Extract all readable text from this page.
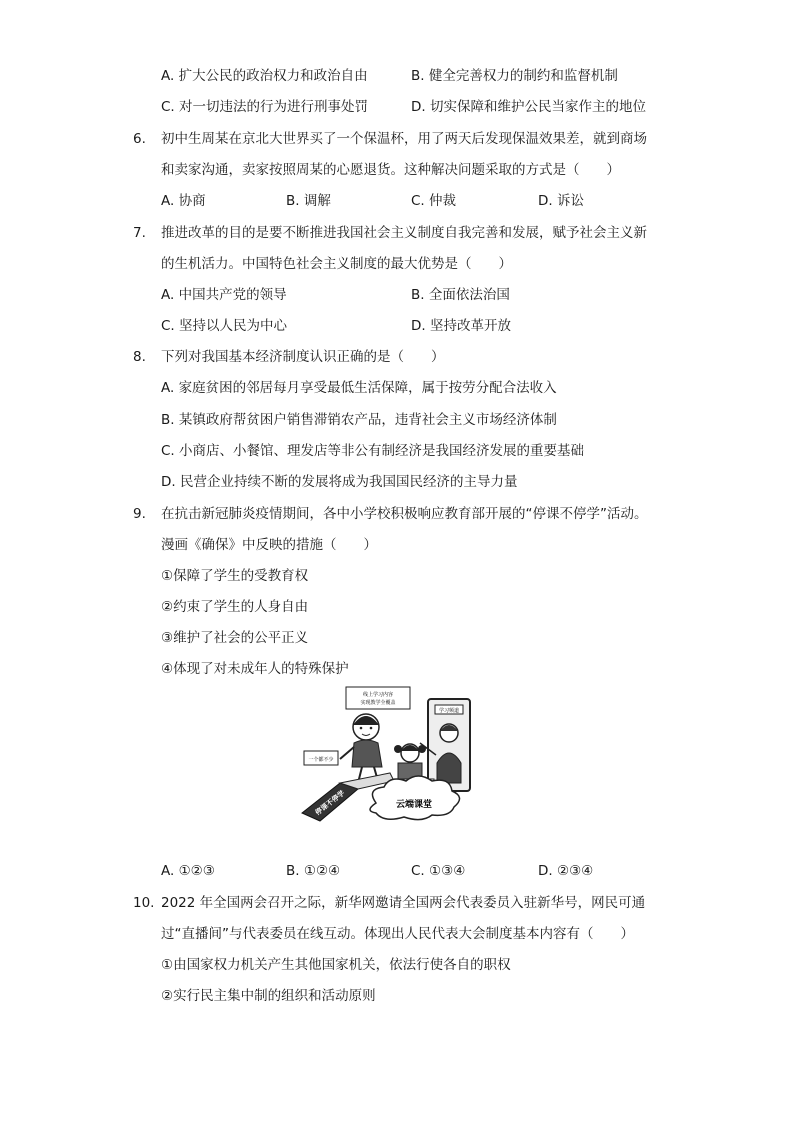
A. 扩大公民的政治权力和政治自由	B. 健全完善权力的制约和监督机制
C. 对一切违法的行为进行刑事处罚	D. 切实保障和维护公民当家作主的地位
6. 初中生周某在京北大世界买了一个保温杯，用了两天后发现保温效果差，就到商场
和卖家沟通，卖家按照周某的心愿退货。这种解决问题采取的方式是（　　）
A. 协商	B. 调解	C. 仲裁	D. 诉讼
7. 推进改革的目的是要不断推进我国社会主义制度自我完善和发展，赋予社会主义新
的生机活力。中国特色社会主义制度的最大优势是（　　）
A. 中国共产党的领导	B. 全面依法治国
C. 坚持以人民为中心	D. 坚持改革开放
8. 下列对我国基本经济制度认识正确的是（　　）
A. 家庭贫困的邻居每月享受最低生活保障，属于按劳分配合法收入
B. 某镇政府帮贫困户销售滞销农产品，违背社会主义市场经济体制
C. 小商店、小餐馆、理发店等非公有制经济是我国经济发展的重要基础
D. 民营企业持续不断的发展将成为我国国民经济的主导力量
9. 在抗击新冠肺炎疫情期间，各中小学校积极响应教育部开展的“停课不停学”活动。
漫画《确保》中反映的措施（　　）
①保障了学生的受教育权
②约束了学生的人身自由
③维护了社会的公平正义
④体现了对未成年人的特殊保护
线上学习内容
实现教学全覆盖
学习频道
一个都不少
停课不停学	云端课堂
A. ①②③	B. ①②④	C. ①③④	D. ②③④
10. 2022 年全国两会召开之际，新华网邀请全国两会代表委员入驻新华号，网民可通
过“直播间”与代表委员在线互动。体现出人民代表大会制度基本内容有（　　）
①由国家权力机关产生其他国家机关，依法行使各自的职权
②实行民主集中制的组织和活动原则
